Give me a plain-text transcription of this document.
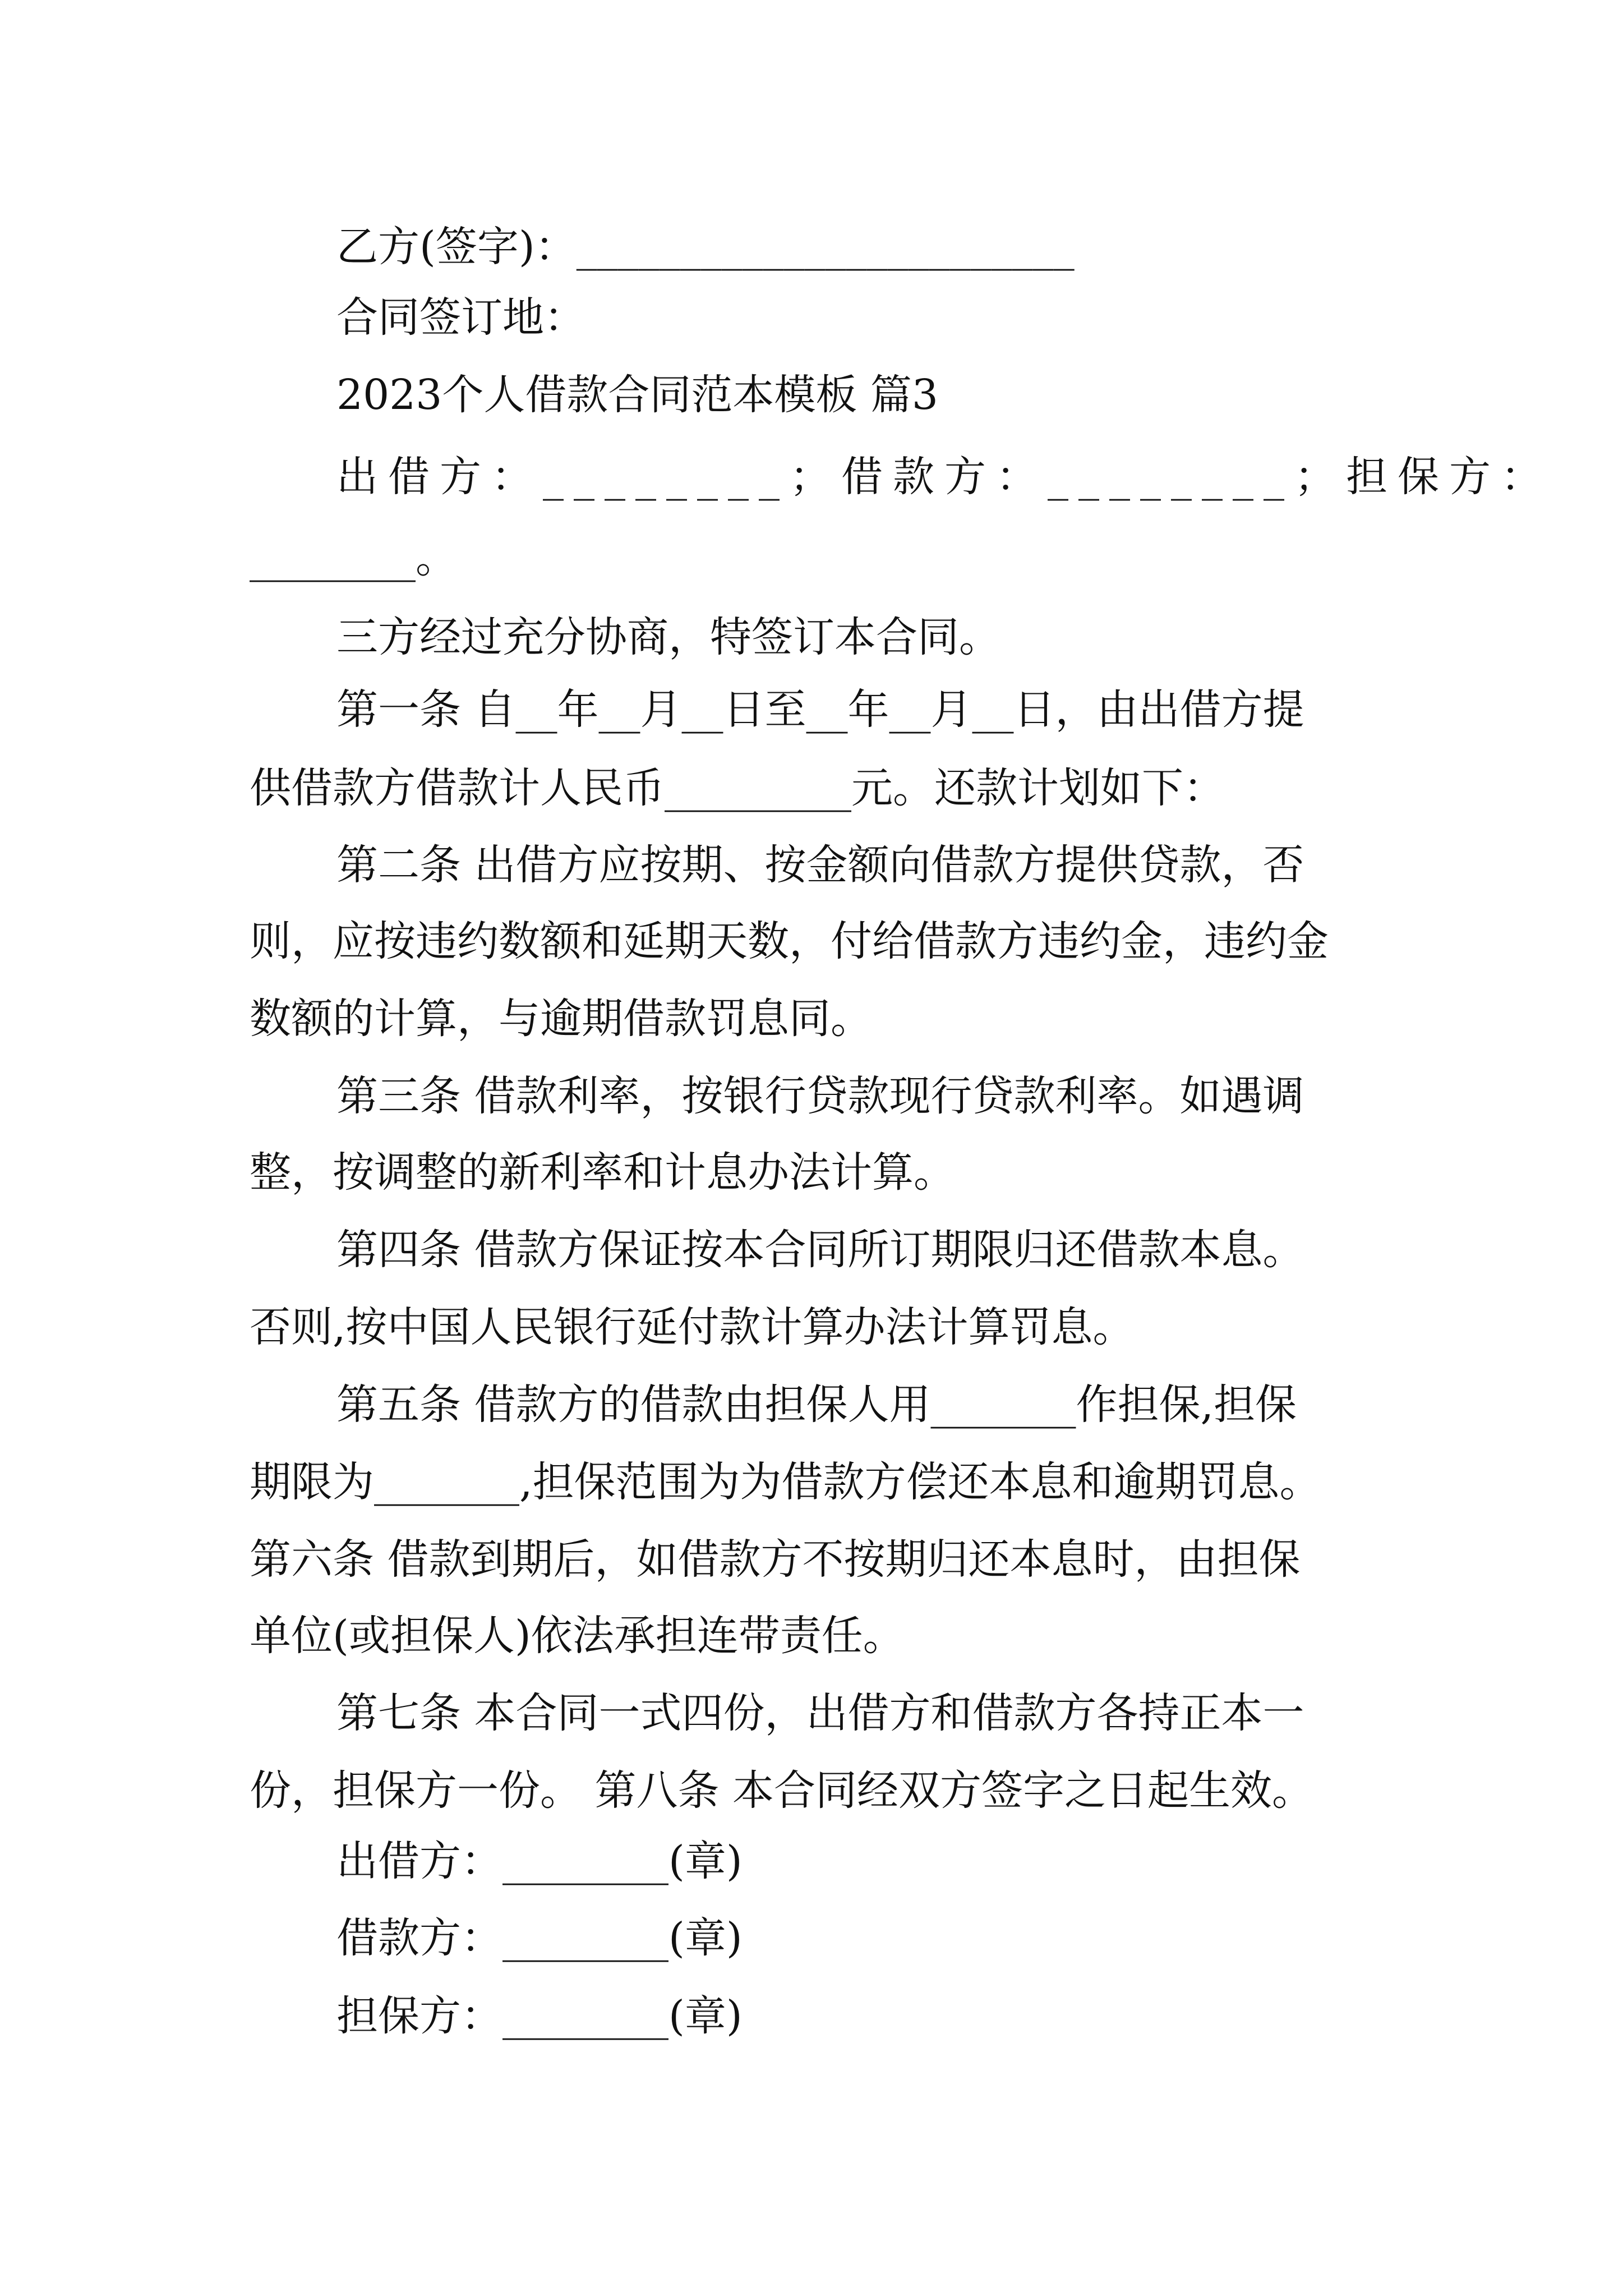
乙方(签字)：________________________
合同签订地：
2023个人借款合同范本模板 篇3
出借方：________；借款方：________；担保方：
________。
三方经过充分协商，特签订本合同。
第一条 自__年__月__日至__年__月__日，由出借方提
供借款方借款计人民币_________元。还款计划如下：
第二条 出借方应按期、按金额向借款方提供贷款，否
则，应按违约数额和延期天数，付给借款方违约金，违约金
数额的计算，与逾期借款罚息同。
第三条 借款利率，按银行贷款现行贷款利率。如遇调
整，按调整的新利率和计息办法计算。
第四条 借款方保证按本合同所订期限归还借款本息。
否则,按中国人民银行延付款计算办法计算罚息。
第五条 借款方的借款由担保人用_______作担保,担保
期限为_______,担保范围为为借款方偿还本息和逾期罚息。
第六条 借款到期后，如借款方不按期归还本息时，由担保
单位(或担保人)依法承担连带责任。
第七条 本合同一式四份，出借方和借款方各持正本一
份，担保方一份。 第八条 本合同经双方签字之日起生效。
出借方：________(章)
借款方：________(章)
担保方：________(章)
